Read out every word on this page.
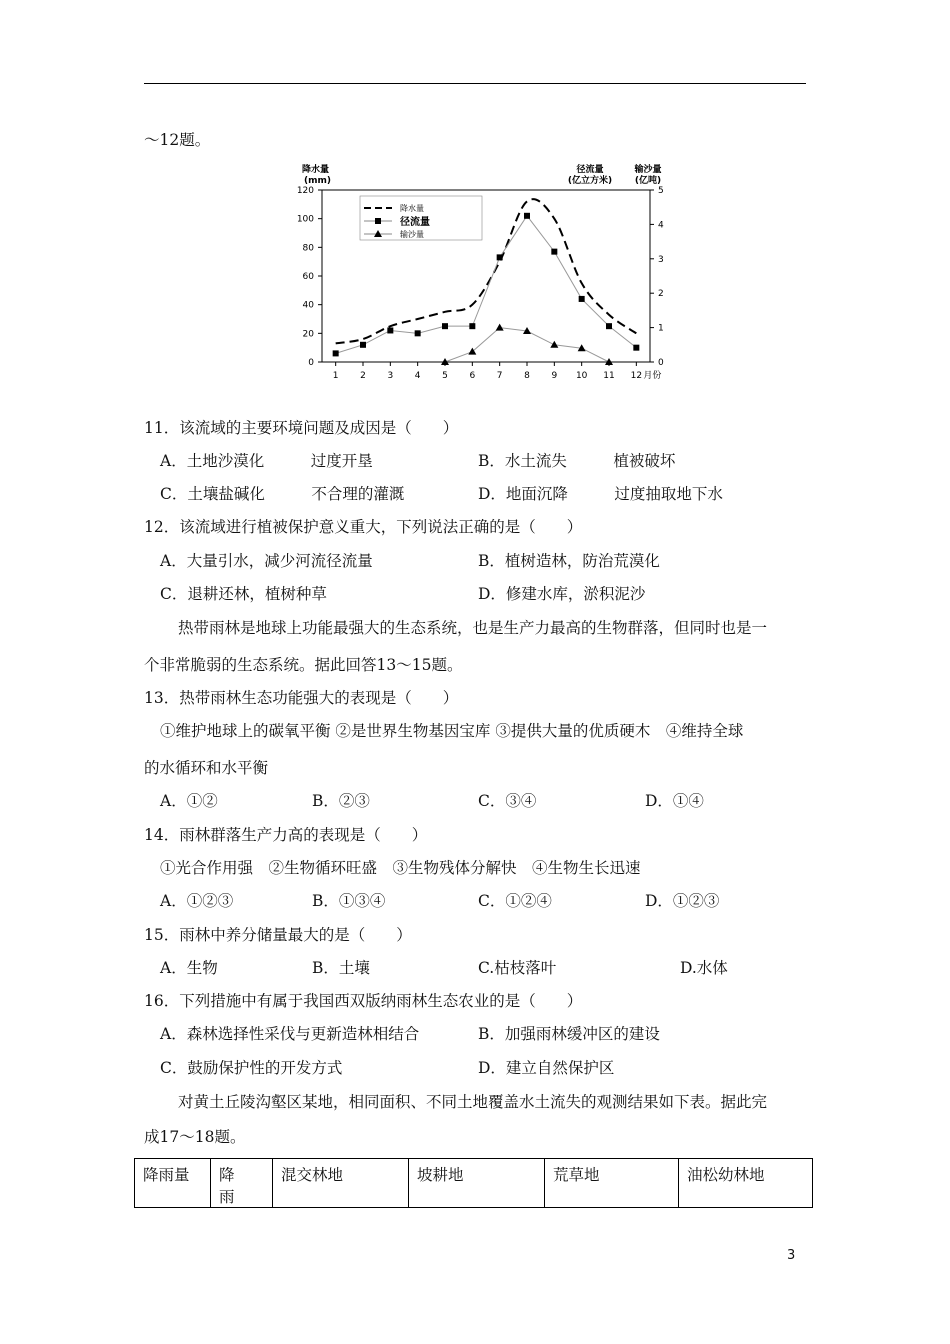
～12题。
0
20
40
60
80
100
120
0
1
2
3
4
5
1 2 3 4 5 6 7 8 9 10 11 12 月份
降水量
(mm)
径流量
(亿立方米)
输沙量
(亿吨)
降水量
径流量
输沙量
11．该流域的主要环境问题及成因是（　　）
A．土地沙漠化　　　过度开垦	B．水土流失　　　植被破坏
C．土壤盐碱化　　　不合理的灌溉	D．地面沉降　　　过度抽取地下水
12．该流域进行植被保护意义重大，下列说法正确的是（　　）
A．大量引水，减少河流径流量	B．植树造林，防治荒漠化
C．退耕还林，植树种草	D．修建水库，淤积泥沙
热带雨林是地球上功能最强大的生态系统，也是生产力最高的生物群落，但同时也是一
个非常脆弱的生态系统。据此回答13～15题。
13．热带雨林生态功能强大的表现是（　　）
①维护地球上的碳氧平衡 ②是世界生物基因宝库 ③提供大量的优质硬木　④维持全球
的水循环和水平衡
A．①②	B．②③	C．③④	D．①④
14．雨林群落生产力高的表现是（　　）
①光合作用强　②生物循环旺盛　③生物残体分解快　④生物生长迅速
A．①②③	B．①③④	C．①②④	D．①②③
15．雨林中养分储量最大的是（　　）
A．生物	B．土壤	C.枯枝落叶	D.水体
16．下列措施中有属于我国西双版纳雨林生态农业的是（　　）
A．森林选择性采伐与更新造林相结合	B．加强雨林缓冲区的建设
C．鼓励保护性的开发方式	D．建立自然保护区
对黄土丘陵沟壑区某地，相同面积、不同土地覆盖水土流失的观测结果如下表。据此完
成17～18题。
降雨量	降　雨	混交林地	坡耕地	荒草地	油松幼林地
3
